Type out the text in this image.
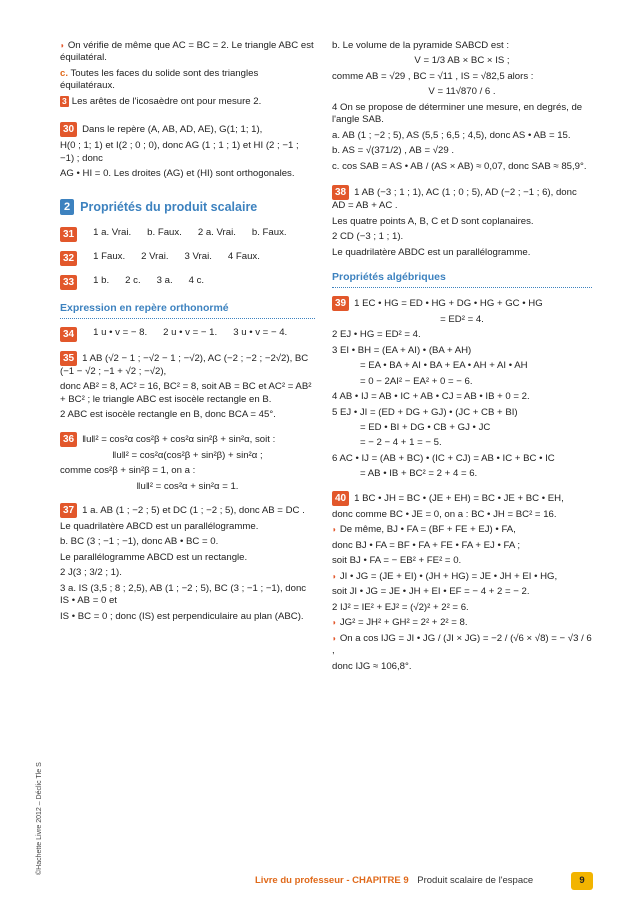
©Hachette Livre 2012 – Déclic Tle S

◗ On vérifie de même que AC = BC = 2. Le triangle ABC est équilatéral.

c. Toutes les faces du solide sont des triangles équilatéraux.

3 Les arêtes de l'icosaèdre ont pour mesure 2.

30 Dans le repère (A, AB, AD, AE), G(1; 1; 1),

H(0 ; 1; 1) et I(2 ; 0 ; 0), donc AG (1 ; 1 ; 1) et HI (2 ; −1 ; −1) ; donc

AG • HI = 0. Les droites (AG) et (HI) sont orthogonales.

2 Propriétés du produit scalaire
31	1 a. Vrai. b. Faux. 2 a. Vrai. b. Faux.
32	1 Faux. 2 Vrai. 3 Vrai. 4 Faux.
33	1 b. 2 c. 3 a. 4 c.
Expression en repère orthonormé
34	1 u • v = − 8. 2 u • v = − 1. 3 u • v = − 4.

35 1 AB (√2 − 1 ; −√2 − 1 ; −√2), AC (−2 ; −2 ; −2√2), BC (−1 − √2 ; −1 + √2 ; −√2),

donc AB² = 8, AC² = 16, BC² = 8, soit AB = BC et AC² = AB² + BC² ; le triangle ABC est isocèle rectangle en B.

2 ABC est isocèle rectangle en B, donc BCA = 45°.

36 ‖u‖² = cos²α cos²β + cos²α sin²β + sin²α, soit :

‖u‖² = cos²α(cos²β + sin²β) + sin²α ;

comme cos²β + sin²β = 1, on a :

‖u‖² = cos²α + sin²α = 1.

37 1 a. AB (1 ; −2 ; 5) et DC (1 ; −2 ; 5), donc AB = DC .

Le quadrilatère ABCD est un parallélogramme.

b. BC (3 ; −1 ; −1), donc AB • BC = 0.

Le parallélogramme ABCD est un rectangle.

2 J(3 ; 3/2 ; 1).

3 a. IS (3,5 ; 8 ; 2,5), AB (1 ; −2 ; 5), BC (3 ; −1 ; −1), donc IS • AB = 0 et

IS • BC = 0 ; donc (IS) est perpendiculaire au plan (ABC).

b. Le volume de la pyramide SABCD est :

V = 1/3 AB × BC × IS ;

comme AB = √29 , BC = √11 , IS = √82,5 alors :

V = 11√870 / 6 .

4 On se propose de déterminer une mesure, en degrés, de l'angle SAB.

a. AB (1 ; −2 ; 5), AS (5,5 ; 6,5 ; 4,5), donc AS • AB = 15.

b. AS = √(371/2) , AB = √29 .

c. cos SAB = AS • AB / (AS × AB) ≈ 0,07, donc SAB ≈ 85,9°.

38 1 AB (−3 ; 1 ; 1), AC (1 ; 0 ; 5), AD (−2 ; −1 ; 6), donc AD = AB + AC .

Les quatre points A, B, C et D sont coplanaires.

2 CD (−3 ; 1 ; 1).

Le quadrilatère ABDC est un parallélogramme.

Propriétés algébriques

39 1 EC • HG = ED • HG + DG • HG + GC • HG

= ED² = 4.

2 EJ • HG = ED² = 4.

3 EI • BH = (EA + AI) • (BA + AH)

= EA • BA + AI • BA + EA • AH + AI • AH

= 0 − 2AI² − EA² + 0 = − 6.

4 AB • IJ = AB • IC + AB • CJ = AB • IB + 0 = 2.

5 EJ • JI = (ED + DG + GJ) • (JC + CB + BI)

= ED • BI + DG • CB + GJ • JC

= − 2 − 4 + 1 = − 5.

6 AC • IJ = (AB + BC) • (IC + CJ) = AB • IC + BC • IC

= AB • IB + BC² = 2 + 4 = 6.

40 1 BC • JH = BC • (JE + EH) = BC • JE + BC • EH,

donc comme BC • JE = 0, on a : BC • JH = BC² = 16.

◗ De même, BJ • FA = (BF + FE + EJ) • FA,

donc BJ • FA = BF • FA + FE • FA + EJ • FA ;

soit BJ • FA = − EB² + FE² = 0.

◗ JI • JG = (JE + EI) • (JH + HG) = JE • JH + EI • HG,

soit JI • JG = JE • JH + EI • EF = − 4 + 2 = − 2.

2 IJ² = IE² + EJ² = (√2)² + 2² = 6.

◗ JG² = JH² + GH² = 2² + 2² = 8.

◗ On a cos IJG = JI • JG / (JI × JG) = −2 / (√6 × √8) = − √3 / 6 ,

donc IJG ≈ 106,8°.

Livre du professeur - CHAPITRE 9 Produit scalaire de l'espace	9
